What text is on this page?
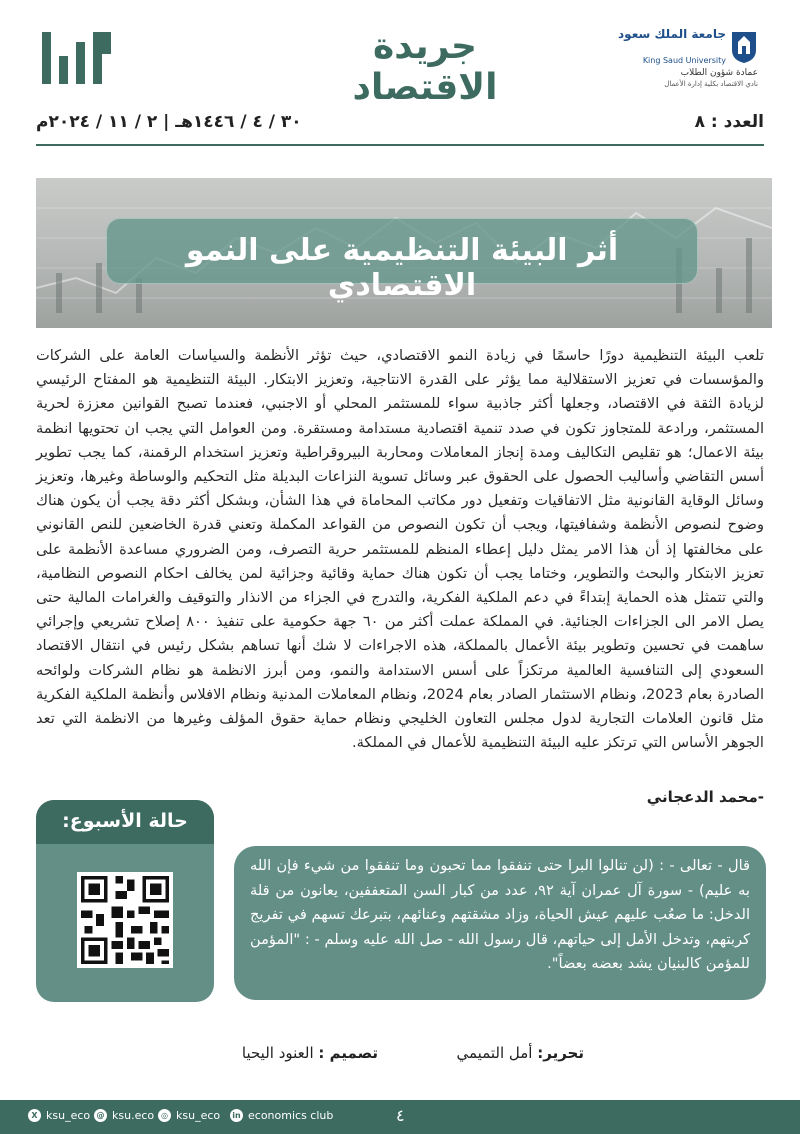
جريدة الاقتصاد
جامعة الملك سعود
King Saud University
عمادة شؤون الطلاب
نادي الاقتصاد بكلية إدارة الأعمال
العدد : ٨
٣٠ / ٤ / ١٤٤٦هـ | ٢ / ١١ / ٢٠٢٤م
أثر البيئة التنظيمية على النمو الاقتصادي
تلعب البيئة التنظيمية دورًا حاسمًا في زيادة النمو الاقتصادي، حيث تؤثر الأنظمة والسياسات العامة على الشركات والمؤسسات في تعزيز الاستقلالية مما يؤثر على القدرة الانتاجية، وتعزيز الابتكار. البيئة التنظيمية هو المفتاح الرئيسي لزيادة الثقة في الاقتصاد، وجعلها أكثر جاذبية سواء للمستثمر المحلي أو الاجنبي، فعندما تصبح القوانين معززة لحرية المستثمر، ورادعة للمتجاوز تكون في صدد تنمية اقتصادية مستدامة ومستقرة. ومن العوامل التي يجب ان تحتويها انظمة بيئة الاعمال؛ هو تقليص التكاليف ومدة إنجاز المعاملات ومحاربة البيروقراطية وتعزيز استخدام الرقمنة، كما يجب تطوير أسس التقاضي وأساليب الحصول على الحقوق عبر وسائل تسوية النزاعات البديلة مثل التحكيم والوساطة وغيرها، وتعزيز وسائل الوقاية القانونية مثل الاتفاقيات وتفعيل دور مكاتب المحاماة في هذا الشأن، وبشكل أكثر دقة يجب أن يكون هناك وضوح لنصوص الأنظمة وشفافيتها، ويجب أن تكون النصوص من القواعد المكملة وتعني قدرة الخاضعين للنص القانوني على مخالفتها إذ أن هذا الامر يمثل دليل إعطاء المنظم للمستثمر حرية التصرف، ومن الضروري مساعدة الأنظمة على تعزيز الابتكار والبحث والتطوير، وختاما يجب أن تكون هناك حماية وقائية وجزائية لمن يخالف احكام النصوص النظامية، والتي تتمثل هذه الحماية إبتداءً في دعم الملكية الفكرية، والتدرج في الجزاء من الانذار والتوقيف والغرامات المالية حتى يصل الامر الى الجزاءات الجنائية. في المملكة عملت أكثر من ٦٠ جهة حكومية على تنفيذ ٨٠٠ إصلاح تشريعي وإجرائي ساهمت في تحسين وتطوير بيئة الأعمال بالمملكة، هذه الاجراءات لا شك أنها تساهم بشكل رئيس في انتقال الاقتصاد السعودي إلى التنافسية العالمية مرتكزاً على أسس الاستدامة والنمو، ومن أبرز الانظمة هو نظام الشركات ولوائحه الصادرة بعام 2023، ونظام الاستثمار الصادر بعام 2024، ونظام المعاملات المدنية ونظام الافلاس وأنظمة الملكية الفكرية مثل قانون العلامات التجارية لدول مجلس التعاون الخليجي ونظام حماية حقوق المؤلف وغيرها من الانظمة التي تعد الجوهر الأساس التي ترتكز عليه البيئة التنظيمية للأعمال في المملكة.
-محمد الدعجاني
حالة الأسبوع:
قال - تعالى - : (لن تنالوا البرا حتى تنفقوا مما تحبون وما تنفقوا من شيء فإن الله به عليم) - سورة آل عمران آية ٩٢، عدد من كبار السن المتعففين، يعانون من قلة الدخل: ما صعُب عليهم عيش الحياة، وزاد مشقتهم وعنائهم، بتبرعك تسهم في تفريج كربتهم، وتدخل الأمل إلى حياتهم، قال رسول الله - صل الله عليه وسلم - : "المؤمن للمؤمن كالبنيان يشد بعضه بعضاً".
تحرير: أمل التميمي
تصميم : العنود اليحيا
X ksu_eco @ ksu.eco ◎ ksu_eco in economics club	٤
